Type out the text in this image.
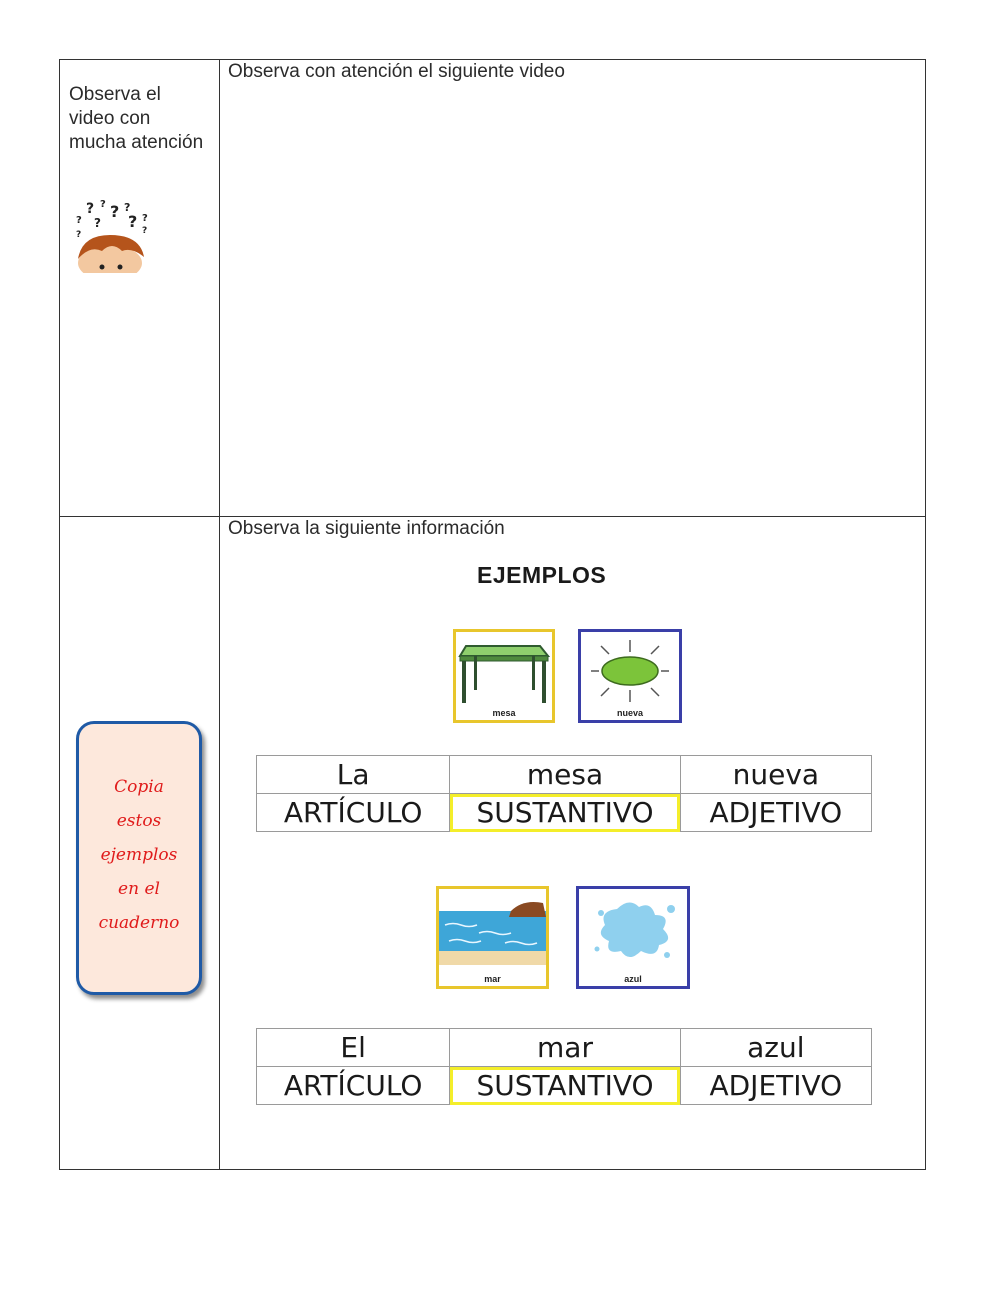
Observa el video con mucha atención
?
? ? ? ?
? ?
?
?
?
Observa con atención el siguiente video
Observa la siguiente información
EJEMPLOS
Copia
estos
ejemplos
en el
cuaderno
mesa	nueva
La	mesa	nueva
ARTÍCULO	SUSTANTIVO	ADJETIVO
mar	azul
El	mar	azul
ARTÍCULO	SUSTANTIVO	ADJETIVO
